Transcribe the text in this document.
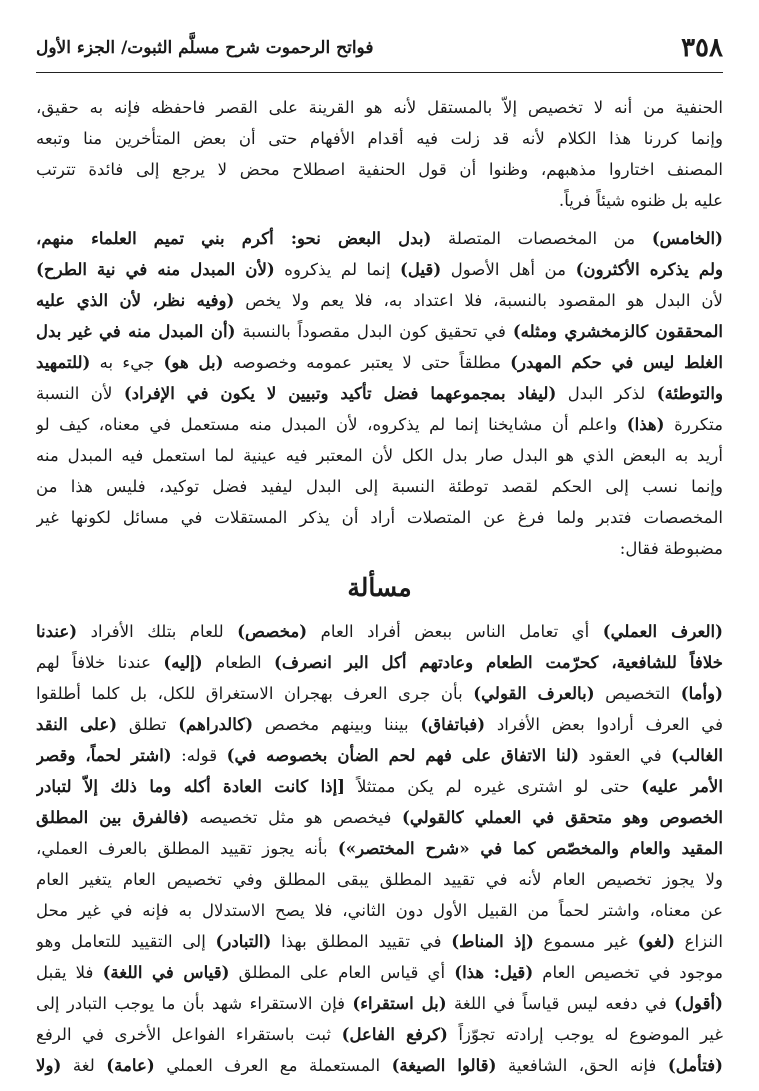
٣٥٨
فواتح الرحموت شرح مسلَّم الثبوت/ الجزء الأول
الحنفية من أنه لا تخصيص إلاّ بالمستقل لأنه هو القرينة على القصر فاحفظه فإنه به حقيق،
وإنما كررنا هذا الكلام لأنه قد زلت فيه أقدام الأفهام حتى أن بعض المتأخرين منا وتبعه
المصنف اختاروا مذهبهم، وظنوا أن قول الحنفية اصطلاح محض لا يرجع إلى فائدة تترتب
عليه بل ظنوه شيئاً فرياً.
(الخامس) من المخصصات المتصلة (بدل البعض نحو: أكرم بني تميم العلماء منهم،
ولم يذكره الأكثرون) من أهل الأصول (قيل) إنما لم يذكروه (لأن المبدل منه في نية الطرح)
لأن البدل هو المقصود بالنسبة، فلا اعتداد به، فلا يعم ولا يخص (وفيه نظر، لأن الذي عليه
المحققون كالزمخشري ومثله) في تحقيق كون البدل مقصوداً بالنسبة (أن المبدل منه في غير بدل
الغلط ليس في حكم المهدر) مطلقاً حتى لا يعتبر عمومه وخصوصه (بل هو) جيء به (للتمهيد
والتوطئة) لذكر البدل (ليفاد بمجموعهما فضل تأكيد وتبيين لا يكون في الإفراد) لأن النسبة
متكررة (هذا) واعلم أن مشايخنا إنما لم يذكروه، لأن المبدل منه مستعمل في معناه، كيف لو
أريد به البعض الذي هو البدل صار بدل الكل لأن المعتبر فيه عينية لما استعمل فيه المبدل منه
وإنما نسب إلى الحكم لقصد توطئة النسبة إلى البدل ليفيد فضل توكيد، فليس هذا من
المخصصات فتدبر ولما فرغ عن المتصلات أراد أن يذكر المستقلات في مسائل لكونها غير
مضبوطة فقال:
مسألة
(العرف العملي) أي تعامل الناس ببعض أفراد العام (مخصص) للعام بتلك الأفراد (عندنا
خلافاً للشافعية، كحرّمت الطعام وعادتهم أكل البر انصرف) الطعام (إليه) عندنا خلافاً لهم
(وأما) التخصيص (بالعرف القولي) بأن جرى العرف بهجران الاستغراق للكل، بل كلما أطلقوا
في العرف أرادوا بعض الأفراد (فباتفاق) بيننا وبينهم مخصص (كالدراهم) تطلق (على النقد
الغالب) في العقود (لنا الاتفاق على فهم لحم الضأن بخصوصه في) قوله: (اشتر لحماً، وقصر
الأمر عليه) حتى لو اشترى غيره لم يكن ممتثلاً [إذا كانت العادة أكله وما ذلك إلاّ لتبادر
الخصوص وهو متحقق في العملي كالقولي) فيخصص هو مثل تخصيصه (فالفرق بين المطلق
المقيد والعام والمخصّص كما في «شرح المختصر») بأنه يجوز تقييد المطلق بالعرف العملي،
ولا يجوز تخصيص العام لأنه في تقييد المطلق يبقى المطلق وفي تخصيص العام يتغير العام
عن معناه، واشتر لحماً من القبيل الأول دون الثاني، فلا يصح الاستدلال به فإنه في غير محل
النزاع (لغو) غير مسموع (إذ المناط) في تقييد المطلق بهذا (التبادر) إلى التقييد للتعامل وهو
موجود في تخصيص العام (قيل: هذا) أي قياس العام على المطلق (قياس في اللغة) فلا يقبل
(أقول) في دفعه ليس قياساً في اللغة (بل استقراء) فإن الاستقراء شهد بأن ما يوجب التبادر إلى
غير الموضوع له يوجب إرادته تجوّزاً (كرفع الفاعل) ثبت باستقراء الفواعل الأخرى في الرفع
(فتأمل) فإنه الحق، الشافعية (قالوا الصيغة) المستعملة مع العرف العملي (عامة) لغة (ولا
